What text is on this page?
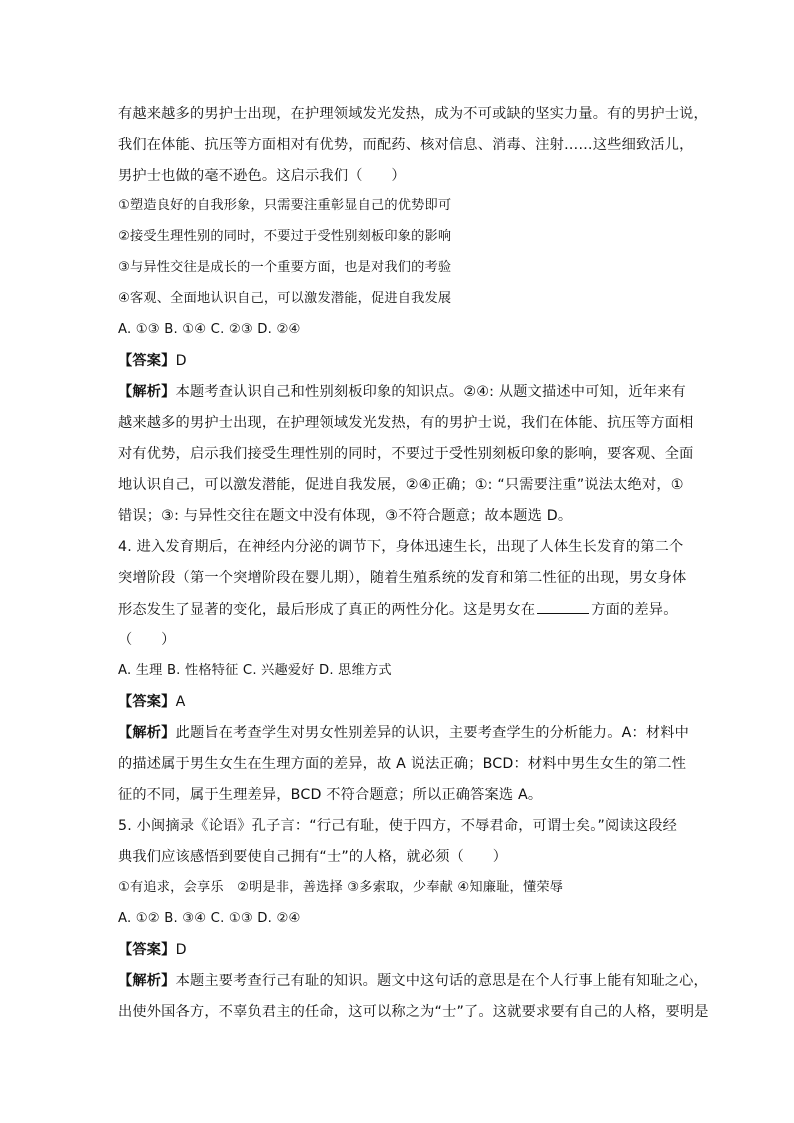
有越来越多的男护士出现，在护理领域发光发热，成为不可或缺的坚实力量。有的男护士说，
我们在体能、抗压等方面相对有优势，而配药、核对信息、消毒、注射……这些细致活儿，
男护士也做的毫不逊色。这启示我们（　　）
①塑造良好的自我形象，只需要注重彰显自己的优势即可
②接受生理性别的同时，不要过于受性别刻板印象的影响
③与异性交往是成长的一个重要方面，也是对我们的考验
④客观、全面地认识自己，可以激发潜能，促进自我发展
A. ①③ B. ①④ C. ②③ D. ②④
【答案】D
【解析】本题考查认识自己和性别刻板印象的知识点。②④: 从题文描述中可知，近年来有
越来越多的男护士出现，在护理领域发光发热，有的男护士说，我们在体能、抗压等方面相
对有优势，启示我们接受生理性别的同时，不要过于受性别刻板印象的影响，要客观、全面
地认识自己，可以激发潜能，促进自我发展，②④正确；①: “只需要注重”说法太绝对，①
错误；③: 与异性交往在题文中没有体现，③不符合题意；故本题选 D。
4. 进入发育期后，在神经内分泌的调节下，身体迅速生长，出现了人体生长发育的第二个
突增阶段（第一个突增阶段在婴儿期），随着生殖系统的发育和第二性征的出现，男女身体
形态发生了显著的变化，最后形成了真正的两性分化。这是男女在	方面的差异。
（　　）
A. 生理 B. 性格特征 C. 兴趣爱好 D. 思维方式
【答案】A
【解析】此题旨在考查学生对男女性别差异的认识，主要考查学生的分析能力。A：材料中
的描述属于男生女生在生理方面的差异，故 A 说法正确；BCD：材料中男生女生的第二性
征的不同，属于生理差异，BCD 不符合题意；所以正确答案选 A。
5. 小闽摘录《论语》孔子言：“行己有耻，使于四方，不辱君命，可谓士矣。”阅读这段经
典我们应该感悟到要使自己拥有“士”的人格，就必须（　　）
①有追求，会享乐　②明是非，善选择 ③多索取，少奉献 ④知廉耻，懂荣辱
A. ①② B. ③④ C. ①③ D. ②④
【答案】D
【解析】本题主要考查行己有耻的知识。题文中这句话的意思是在个人行事上能有知耻之心，
出使外国各方，不辜负君主的任命，这可以称之为“士”了。这就要求要有自己的人格，要明是
